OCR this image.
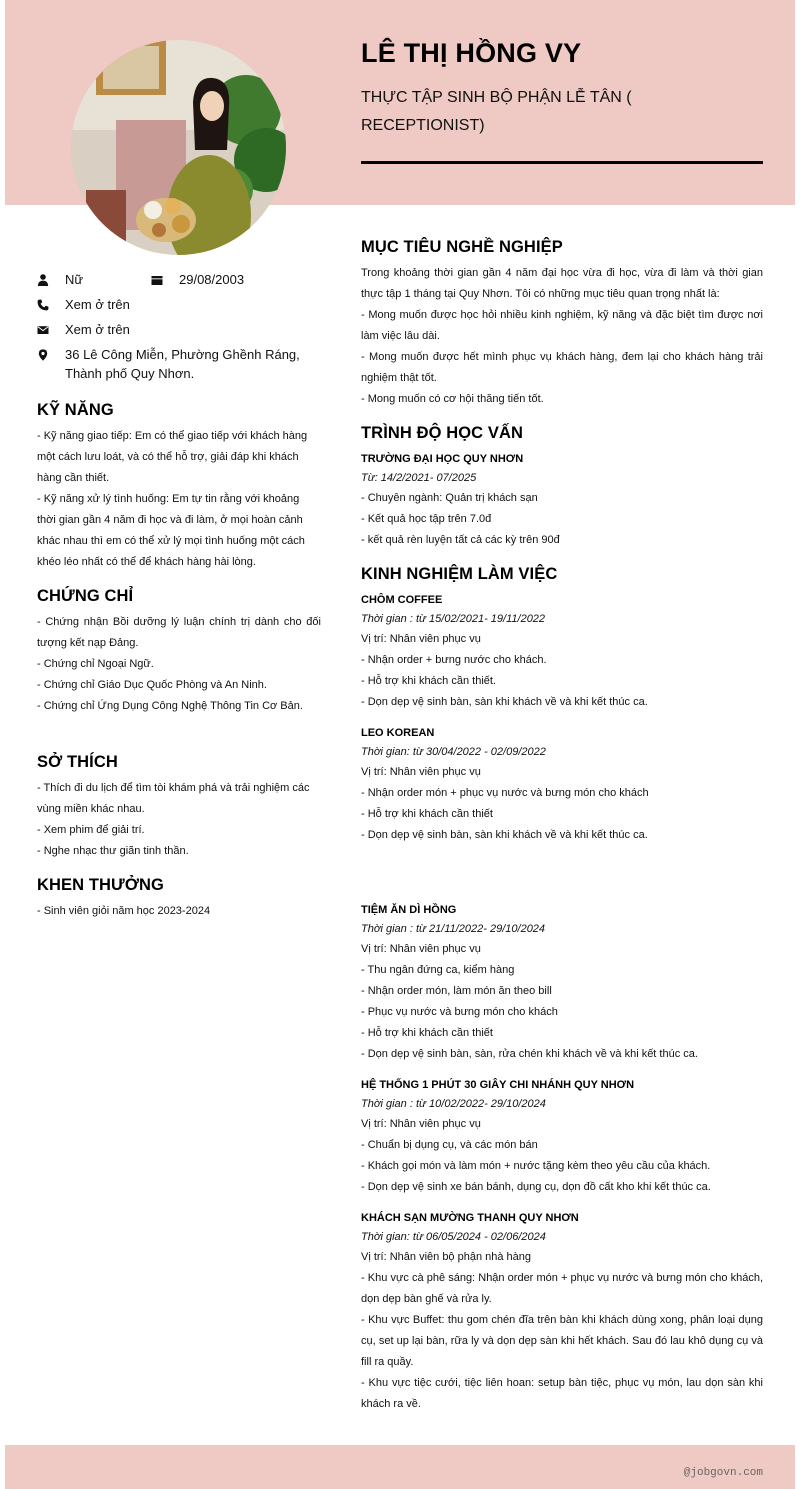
LÊ THỊ HỒNG VY
THỰC TẬP SINH BỘ PHẬN LỄ TÂN ( RECEPTIONIST)
Nữ	29/08/2003
Xem ở trên
Xem ở trên
36 Lê Công Miễn, Phường Ghềnh Ráng, Thành phố Quy Nhơn.
KỸ NĂNG
- Kỹ năng giao tiếp: Em có thể giao tiếp với khách hàng một cách lưu loát, và có thể hỗ trợ, giải đáp khi khách hàng cần thiết.
- Kỹ năng xử lý tình huống: Em tự tin rằng với khoảng thời gian gần 4 năm đi học và đi làm, ở mọi hoàn cảnh khác nhau thì em có thể xử lý mọi tình huống một cách khéo léo nhất có thể để khách hàng hài lòng.
CHỨNG CHỈ
- Chứng nhận Bồi dưỡng lý luận chính trị dành cho đối tượng kết nạp Đảng.
- Chứng chỉ Ngoại Ngữ.
- Chứng chỉ Giáo Dục Quốc Phòng và An Ninh.
- Chứng chỉ Ứng Dụng Công Nghệ Thông Tin Cơ Bản.
SỞ THÍCH
- Thích đi du lịch để tìm tòi khám phá và trải nghiệm các vùng miền khác nhau.
- Xem phim để giải trí.
- Nghe nhạc thư giãn tinh thần.
KHEN THƯỞNG
- Sinh viên giỏi năm học 2023-2024
MỤC TIÊU NGHỀ NGHIỆP
Trong khoảng thời gian gần 4 năm đại học vừa đi học, vừa đi làm và thời gian thực tập 1 tháng tại Quy Nhơn. Tôi có những mục tiêu quan trọng nhất là:
- Mong muốn được học hỏi nhiều kinh nghiệm, kỹ năng và đặc biệt tìm được nơi làm việc lâu dài.
- Mong muốn được hết mình phục vụ khách hàng, đem lại cho khách hàng trải nghiệm thật tốt.
- Mong muốn có cơ hội thăng tiến tốt.
TRÌNH ĐỘ HỌC VẤN
TRƯỜNG ĐẠI HỌC QUY NHƠN
Từ: 14/2/2021- 07/2025
- Chuyên ngành: Quản trị khách sạn
- Kết quả học tập trên 7.0đ
- kết quả rèn luyện tất cả các kỳ trên 90đ
KINH NGHIỆM LÀM VIỆC
CHÔM COFFEE
Thời gian : từ 15/02/2021- 19/11/2022
Vị trí: Nhân viên phục vụ
- Nhận order + bưng nước cho khách.
- Hỗ trợ khi khách cần thiết.
- Dọn dẹp vệ sinh bàn, sàn khi khách về và khi kết thúc ca.
LEO KOREAN
Thời gian: từ 30/04/2022 - 02/09/2022
Vị trí: Nhân viên phục vụ
- Nhận order món + phục vụ nước và bưng món cho khách
- Hỗ trợ khi khách cần thiết
- Dọn dẹp vệ sinh bàn, sàn khi khách về và khi kết thúc ca.
TIỆM ĂN DÌ HỒNG
Thời gian : từ 21/11/2022- 29/10/2024
Vị trí: Nhân viên phục vụ
- Thu ngân đứng ca, kiểm hàng
- Nhận order món, làm món ăn theo bill
- Phục vụ nước và bưng món cho khách
- Hỗ trợ khi khách cần thiết
- Dọn dẹp vệ sinh bàn, sàn, rửa chén khi khách về và khi kết thúc ca.
HỆ THỐNG 1 PHÚT 30 GIÂY CHI NHÁNH QUY NHƠN
Thời gian : từ 10/02/2022- 29/10/2024
Vị trí: Nhân viên phục vụ
- Chuẩn bị dụng cụ, và các món bán
- Khách gọi món và làm món + nước tặng kèm theo yêu cầu của khách.
- Dọn dẹp vệ sinh xe bán bánh, dụng cụ, dọn đồ cất kho khi kết thúc ca.
KHÁCH SẠN MƯỜNG THANH QUY NHƠN
Thời gian: từ 06/05/2024 - 02/06/2024
Vị trí: Nhân viên bộ phận nhà hàng
- Khu vực cà phê sáng: Nhận order món + phục vụ nước và bưng món cho khách, dọn dẹp bàn ghế và rửa ly.
- Khu vực Buffet: thu gom chén đĩa trên bàn khi khách dùng xong, phân loại dụng cụ, set up lại bàn, rữa ly và dọn dẹp sàn khi hết khách. Sau đó lau khô dụng cụ và fill ra quầy.
- Khu vực tiệc cưới, tiệc liên hoan: setup bàn tiệc, phục vụ món, lau dọn sàn khi khách ra về.
@jobgovn.com
